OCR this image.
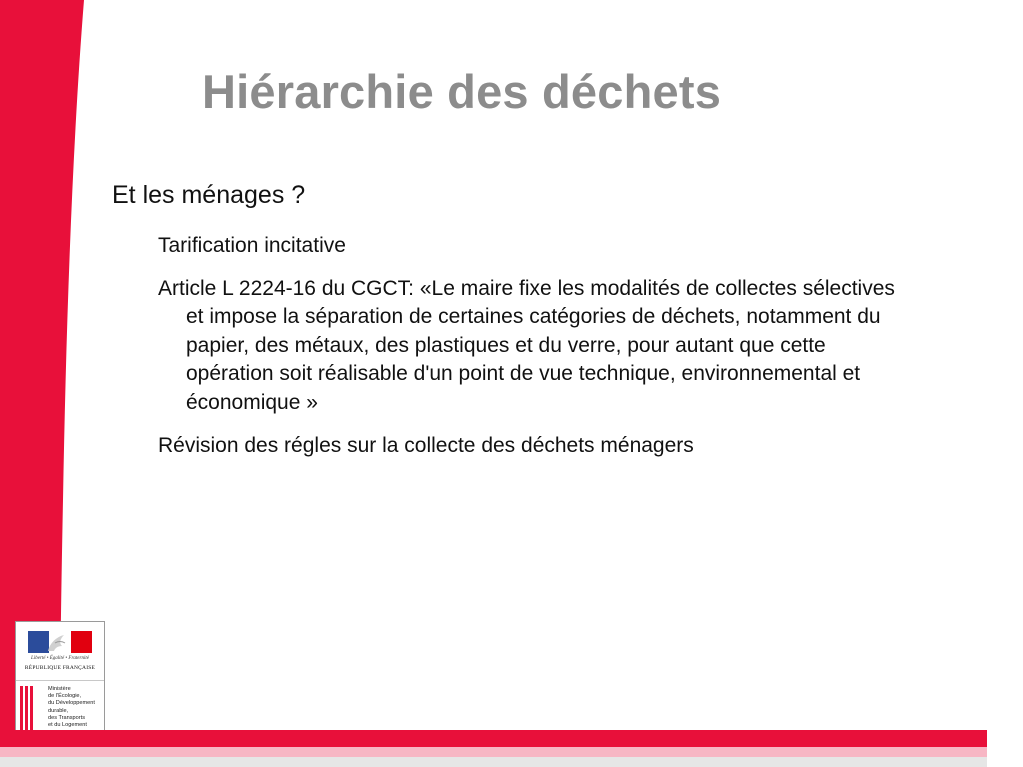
Hiérarchie des déchets
Et les ménages ?
Tarification incitative
Article L 2224-16 du CGCT: «Le maire fixe les modalités de collectes sélectives et impose la séparation de certaines catégories de déchets, notamment du papier, des métaux, des plastiques et du verre, pour autant que cette opération soit réalisable d'un point de vue technique, environnemental et économique »
Révision des régles sur la collecte des déchets ménagers
Liberté • Égalité • Fraternité
RÉPUBLIQUE FRANÇAISE
Ministère
de l'Écologie,
du Développement
durable,
des Transports
et du Logement
